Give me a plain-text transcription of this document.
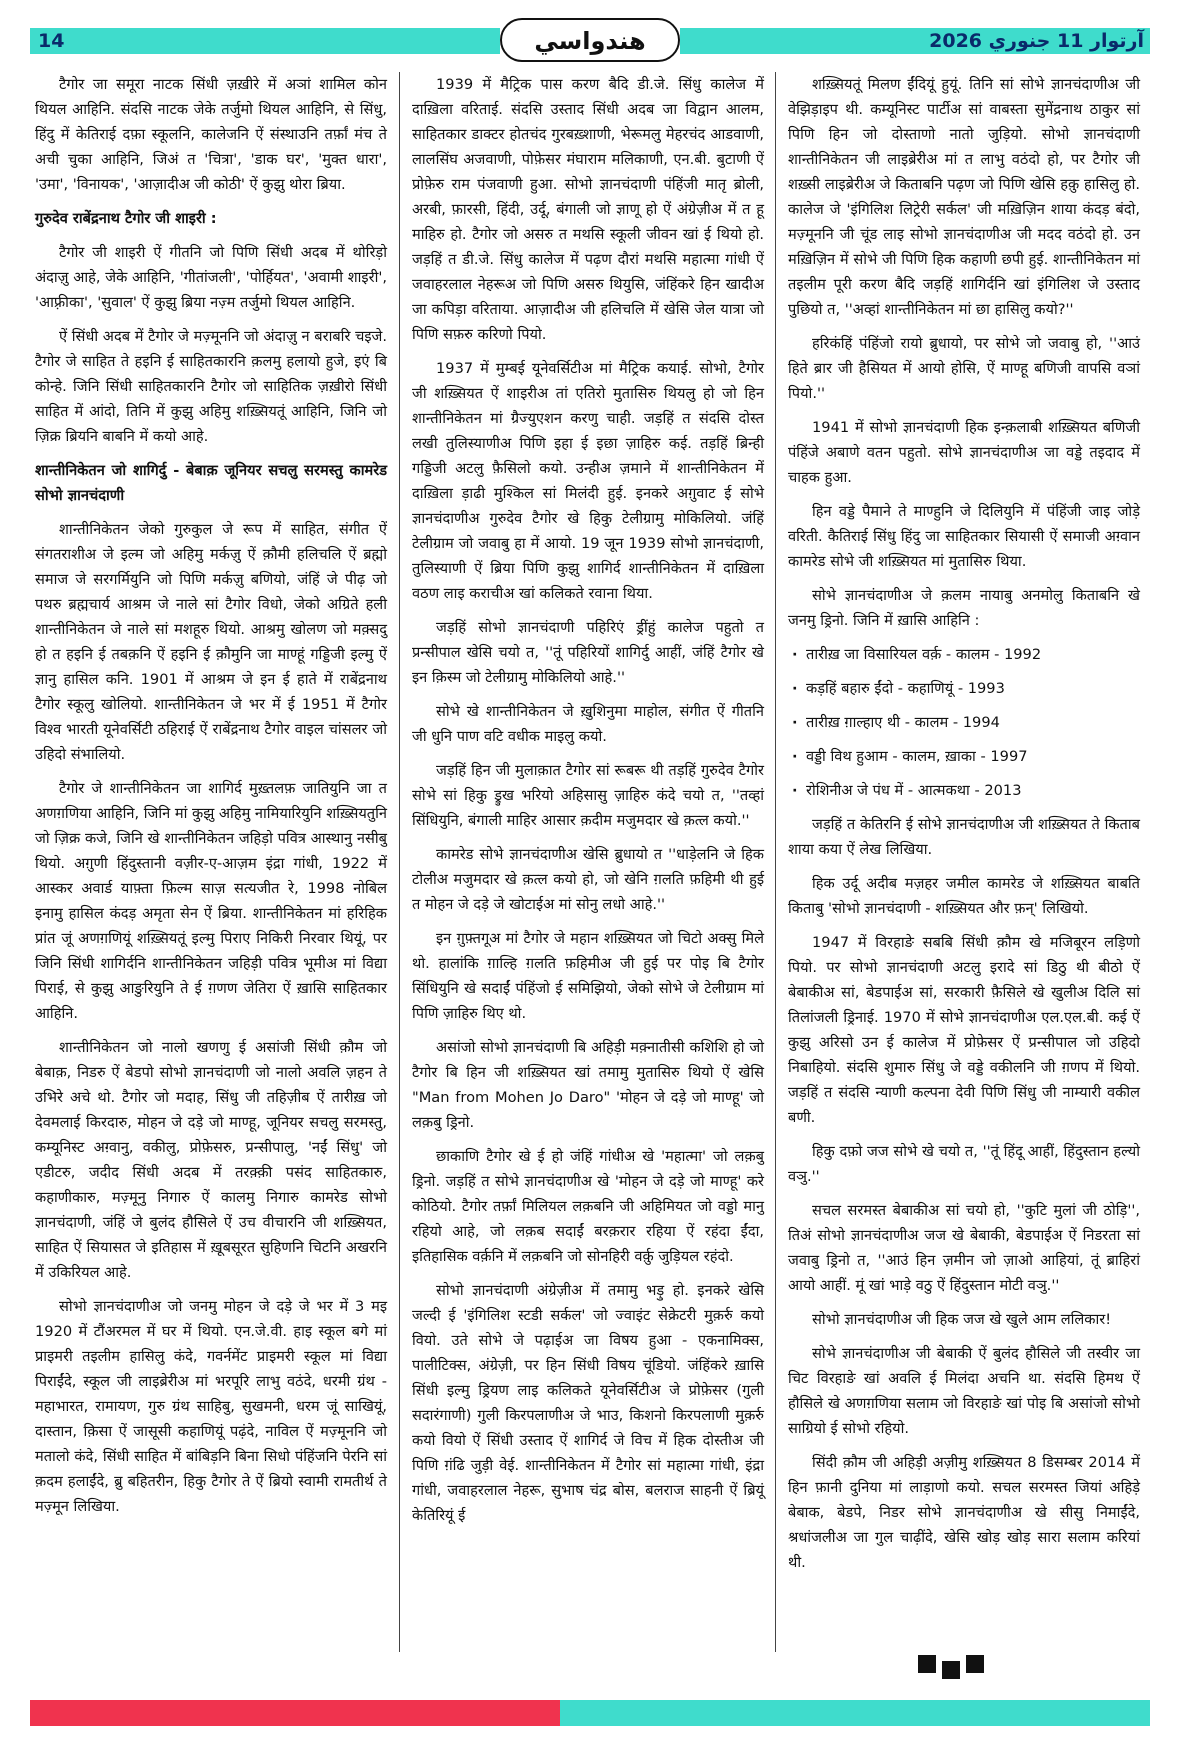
14	هندواسي	آرتوار 11 جنوري 2026

टैगोर जा समूरा नाटक सिंधी ज़ख़ीरे में अञां शामिल कोन थियल आहिनि. संदसि नाटक जेके तर्जुमो थियल आहिनि, से सिंधु, हिंदु में केतिराई दफ़ा स्कूलनि, कालेजनि ऐं संस्थाउनि तर्फ़ां मंच ते अची चुका आहिनि, जिअं त 'चित्रा', 'डाक घर', 'मुक्त धारा', 'उमा', 'विनायक', 'आज़ादीअ जी कोठी' ऐं कुझु थोरा ब्रिया.

गुरुदेव राबेंद्रनाथ टैगोर जी शाइरी :

टैगोर जी शाइरी ऐं गीतनि जो पिणि सिंधी अदब में थोरिड़ो अंदाज़ु आहे, जेके आहिनि, 'गीतांजली', 'पोर्हियत', 'अवामी शाइरी', 'आफ़्रीका', 'सुवाल' ऐं कुझु ब्रिया नज़्म तर्जुमो थियल आहिनि.

ऐं सिंधी अदब में टैगोर जे मज़्मूननि जो अंदाज़ु न बराबरि चइजे. टैगोर जे साहित ते हइनि ई साहितकारनि क़लमु हलायो हुजे, इएं बि कोन्हे. जिनि सिंधी साहितकारनि टैगोर जो साहितिक ज़ख़ीरो सिंधी साहित में आंदो, तिनि में कुझु अहिमु शख़्सियतूं आहिनि, जिनि जो ज़िक्र ब्रियनि बाबनि में कयो आहे.

शान्तीनिकेतन जो शागिर्दु - बेबाक़ जूनियर सचलु सरमस्तु कामरेड सोभो ज्ञानचंदाणी

शान्तीनिकेतन जेको गुरुकुल जे रूप में साहित, संगीत ऐं संगतराशीअ जे इल्म जो अहिमु मर्कज़ु ऐं क़ौमी हलिचलि ऐं ब्रह्मो समाज जे सरगर्मियुनि जो पिणि मर्कज़ु बणियो, जंहिं जे पीढ़ जो पथरु ब्रह्मचार्य आश्रम जे नाले सां टैगोर विधो, जेको अग्रिते हली शान्तीनिकेतन जे नाले सां मशहूरु थियो. आश्रमु खोलण जो मक़्सदु हो त हइनि ई तबक़नि ऐं हइनि ई क़ौमुनि जा माण्हूं गड्डिजी इल्मु ऐं ज्ञानु हासिल कनि. 1901 में आश्रम जे इन ई हाते में राबेंद्रनाथ टैगोर स्कूलु खोलियो. शान्तीनिकेतन जे भर में ई 1951 में टैगोर विश्व भारती यूनेवर्सिटी ठहिराई ऐं राबेंद्रनाथ टैगोर वाइल चांसलर जो उहिदो संभालियो.

टैगोर जे शान्तीनिकेतन जा शागिर्द मुख़्तलफ़ जातियुनि जा त अणग़णिया आहिनि, जिनि मां कुझु अहिमु नामियारियुनि शख़्सियतुनि जो ज़िक्र कजे, जिनि खे शान्तीनिकेतन जहिड़ो पवित्र आस्थानु नसीबु थियो. अग़ुणी हिंदुस्तानी वज़ीर-ए-आज़म इंद्रा गांधी, 1922 में आस्कर अवार्ड याफ़्ता फ़िल्म साज़ सत्यजीत रे, 1998 नोबिल इनामु हासिल कंदड़ अमृता सेन ऐं ब्रिया. शान्तीनिकेतन मां हरिहिक प्रांत जूं अणग़णियूं शख़्सियतूं इल्मु पिराए निकिरी निरवार थियूं, पर जिनि सिंधी शागिर्दनि शान्तीनिकेतन जहिड़ी पवित्र भूमीअ मां विद्या पिराई, से कुझु आङुरियुनि ते ई ग़णण जेतिरा ऐं ख़ासि साहितकार आहिनि.

शान्तीनिकेतन जो नालो खणणु ई असांजी सिंधी क़ौम जो बेबाक़, निडरु ऐं बेडपो सोभो ज्ञानचंदाणी जो नालो अवलि ज़हन ते उभिरे अचे थो. टैगोर जो मदाह, सिंधु जी तहिज़ीब ऐं तारीख़ जो देवमलाई किरदारु, मोहन जे दड़े जो माण्हू, जूनियर सचलु सरमस्तु, कम्यूनिस्ट अग़्वानु, वकीलु, प्रोफ़ेसरु, प्रन्सीपालु, 'नईं सिंधु' जो एडीटरु, जदीद सिंधी अदब में तरक़्क़ी पसंद साहितकारु, कहाणीकारु, मज़्मूनु निगारु ऐं कालमु निगारु कामरेड सोभो ज्ञानचंदाणी, जंहिं जे बुलंद हौसिले ऐं उच वीचारनि जी शख़्सियत, साहित ऐं सियासत जे इतिहास में ख़ूबसूरत सुहिणनि चिटनि अखरनि में उकिरियल आहे.

सोभो ज्ञानचंदाणीअ जो जनमु मोहन जे दड़े जे भर में 3 मइ 1920 में टौंअरमल में घर में थियो. एन.जे.वी. हाइ स्कूल बगे मां प्राइमरी तइलीम हासिलु कंदे, गवर्नमेंट प्राइमरी स्कूल मां विद्या पिराईंदे, स्कूल जी लाइब्रेरीअ मां भरपूरि लाभु वठंदे, धरमी ग्रंथ - महाभारत, रामायण, गुरु ग्रंथ साहिबु, सुखमनी, धरम जूं साखियूं, दास्तान, क़िसा ऐं जासूसी कहाणियूं पढ़ंदे, नाविल ऐं मज़्मूननि जो मतालो कंदे, सिंधी साहित में बांबिड़नि बिना सिधो पंहिंजनि पेरनि सां क़दम हलाईंदे, ब्रु बहितरीन, हिकु टैगोर ते ऐं ब्रियो स्वामी रामतीर्थ ते मज़्मून लिखिया.

1939 में मैट्रिक पास करण बैदि डी.जे. सिंधु कालेज में दाख़िला वरिताई. संदसि उस्ताद सिंधी अदब जा विद्वान आलम, साहितकार डाक्टर होतचंद गुरबख़्शाणी, भेरूमलु मेहरचंद आडवाणी, लालसिंघ अजवाणी, पोफ़ेसर मंघाराम मलिकाणी, एन.बी. बुटाणी ऐं प्रोफ़ेरु राम पंजवाणी हुआ. सोभो ज्ञानचंदाणी पंहिंजी मातृ ब्रोली, अरबी, फ़ारसी, हिंदी, उर्दू, बंगाली जो ज्ञाणू हो ऐं अंग्रेज़ीअ में त हू माहिरु हो. टैगोर जो असरु त मथसि स्कूली जीवन खां ई थियो हो. जड़हिं त डी.जे. सिंधु कालेज में पढ़ण दौरां मथसि महात्मा गांधी ऐं जवाहरलाल नेहरूअ जो पिणि असरु थियुसि, जंहिंकरे हिन खादीअ जा कपिड़ा वरिताया. आज़ादीअ जी हलिचलि में खेसि जेल यात्रा जो पिणि सफ़रु करिणो पियो.

1937 में मुम्बई यूनेवर्सिटीअ मां मैट्रिक कयाई. सोभो, टैगोर जी शख़्सियत ऐं शाइरीअ तां एतिरो मुतासिरु थियलु हो जो हिन शान्तीनिकेतन मां ग्रैज्युएशन करणु चाही. जड़हिं त संदसि दोस्त लखी तुलिस्याणीअ पिणि इहा ई इछा ज़ाहिरु कई. तड़हिं ब्रिन्ही गड्डिजी अटलु फ़ैसिलो कयो. उन्हीअ ज़माने में शान्तीनिकेतन में दाख़िला ड़ाढी मुश्किल सां मिलंदी हुई. इनकरे अग़ुवाट ई सोभे ज्ञानचंदाणीअ गुरुदेव टैगोर खे हिकु टेलीग्रामु मोकिलियो. जंहिं टेलीग्राम जो जवाबु हा में आयो. 19 जून 1939 सोभो ज्ञानचंदाणी, तुलिस्याणी ऐं ब्रिया पिणि कुझु शागिर्द शान्तीनिकेतन में दाख़िला वठण लाइ कराचीअ खां कलिकते रवाना थिया.

जड़हिं सोभो ज्ञानचंदाणी पहिरिएं ड्रींहुं कालेज पहुतो त प्रन्सीपाल खेसि चयो त, ''तूं पहिरियों शागिर्दु आहीं, जंहिं टैगोर खे इन क़िस्म जो टेलीग्रामु मोकिलियो आहे.''

सोभे खे शान्तीनिकेतन जे ख़ुशिनुमा माहोल, संगीत ऐं गीतनि जी धुनि पाण वटि वधीक माइलु कयो.

जड़हिं हिन जी मुलाक़ात टैगोर सां रूबरू थी तड़हिं गुरुदेव टैगोर सोभे सां हिकु ड्रुख भरियो अहिसासु ज़ाहिरु कंदे चयो त, ''तव्हां सिंधियुनि, बंगाली माहिर आसार क़दीम मजुमदार खे क़त्ल कयो.''

कामरेड सोभे ज्ञानचंदाणीअ खेसि ब्रुधायो त ''धाड़ेलनि जे हिक टोलीअ मजुमदार खे क़त्ल कयो हो, जो खेनि ग़लति फ़हिमी थी हुई त मोहन जे दड़े जे खोटाईअ मां सोनु लधो आहे.''

इन ग़ुफ़्तगूअ मां टैगोर जे महान शख़्सियत जो चिटो अक्सु मिले थो. हालांकि ग़ाल्हि ग़लति फ़हिमीअ जी हुई पर पोइ बि टैगोर सिंधियुनि खे सदाईं पंहिंजो ई समिझियो, जेको सोभे जे टेलीग्राम मां पिणि ज़ाहिरु थिए थो.

असांजो सोभो ज्ञानचंदाणी बि अहिड़ी मक़्नातीसी कशिशि हो जो टैगोर बि हिन जी शख़्सियत खां तमामु मुतासिरु थियो ऐं खेसि "Man from Mohen Jo Daro" 'मोहन जे दड़े जो माण्हू' जो लक़बु ड्रिनो.

छाकाणि टैगोर खे ई हो जंहिं गांधीअ खे 'महात्मा' जो लक़बु ड्रिनो. जड़हिं त सोभे ज्ञानचंदाणीअ खे 'मोहन जे दड़े जो माण्हू' करे कोठियो. टैगोर तर्फ़ां मिलियल लक़बनि जी अहिमियत जो वड्डो मानु रहियो आहे, जो लक़ब सदाईं बरक़रार रहिया ऐं रहंदा ईंदा, इतिहासिक वर्क़नि में लक़बनि जो सोनहिरी वर्क़ु जुड़ियल रहंदो.

सोभो ज्ञानचंदाणी अंग्रेज़ीअ में तमामु भड़ु हो. इनकरे खेसि जल्दी ई 'इंगिलिश स्टडी सर्कल' जो ज्वाइंट सेक्रेटरी मुक़र्रु कयो वियो. उते सोभे जे पढ़ाईअ जा विषय हुआ - एकनामिक्स, पालीटिक्स, अंग्रेज़ी, पर हिन सिंधी विषय चूंडियो. जंहिंकरे ख़ासि सिंधी इल्मु ड्रियण लाइ कलिकते यूनेवर्सिटीअ जे प्रोफ़ेसर (गुली सदारंगाणी) गुली किरपलाणीअ जे भाउ, किशनो किरपलाणी मुक़र्रु कयो वियो ऐं सिंधी उस्ताद ऐं शागिर्द जे विच में हिक दोस्तीअ जी पिणि ग़ंढि जुड़ी वेई. शान्तीनिकेतन में टैगोर सां महात्मा गांधी, इंद्रा गांधी, जवाहरलाल नेहरू, सुभाष चंद्र बोस, बलराज साहनी ऐं ब्रियूं केतिरियूं ई

शख़्सियतूं मिलण ईंदियूं हुयूं. तिनि सां सोभे ज्ञानचंदाणीअ जी वेझिड़ाइप थी. कम्यूनिस्ट पार्टीअ सां वाबस्ता सुमेंद्रनाथ ठाकुर सां पिणि हिन जो दोस्ताणो नातो जुड़ियो. सोभो ज्ञानचंदाणी शान्तीनिकेतन जी लाइब्रेरीअ मां त लाभु वठंदो हो, पर टैगोर जी शख़्सी लाइब्रेरीअ जे किताबनि पढ़ण जो पिणि खेसि हक़ु हासिलु हो. कालेज जे 'इंगिलिश लिट्रेरी सर्कल' जी मख़िज़िन शाया कंदड़ बंदो, मज़्मूननि जी चूंड लाइ सोभो ज्ञानचंदाणीअ जी मदद वठंदो हो. उन मख़िज़िन में सोभे जी पिणि हिक कहाणी छपी हुई. शान्तीनिकेतन मां तइलीम पूरी करण बैदि जड़हिं शागिर्दनि खां इंगिलिश जे उस्ताद पुछियो त, ''अव्हां शान्तीनिकेतन मां छा हासिलु कयो?''

हरिकंहिं पंहिंजो रायो ब्रुधायो, पर सोभे जो जवाबु हो, ''आउं हिते ब्रार जी हैसियत में आयो होसि, ऐं माण्हू बणिजी वापसि वञां पियो.''

1941 में सोभो ज्ञानचंदाणी हिक इन्क़लाबी शख़्सियत बणिजी पंहिंजे अबाणे वतन पहुतो. सोभे ज्ञानचंदाणीअ जा वड्डे तइदाद में चाहक हुआ.

हिन वड्डे पैमाने ते माण्हुनि जे दिलियुनि में पंहिंजी जाइ जोड़े वरिती. कैतिराई सिंधु हिंदु जा साहितकार सियासी ऐं समाजी अग़्वान कामरेड सोभे जी शख़्सियत मां मुतासिरु थिया.

सोभे ज्ञानचंदाणीअ जे क़लम नायाबु अनमोलु किताबनि खे जनमु ड्रिनो. जिनि में ख़ासि आहिनि :

· तारीख़ जा विसारियल वर्क़ - कालम - 1992
· कड़हिं बहारु ईंदो - कहाणियूं - 1993
· तारीख़ ग़ाल्हाए थी - कालम - 1994
· वड्डी विथ हुआम - कालम, ख़ाका - 1997
· रोशिनीअ जे पंध में - आत्मकथा - 2013

जड़हिं त केतिरनि ई सोभे ज्ञानचंदाणीअ जी शख़्सियत ते किताब शाया कया ऐं लेख लिखिया.

हिक उर्दू अदीब मज़हर जमील कामरेड जे शख़्सियत बाबति किताबु 'सोभो ज्ञानचंदाणी - शख़्सियत और फ़न्' लिखियो.

1947 में विरहाङे सबबि सिंधी क़ौम खे मजिबूरन लड़िणो पियो. पर सोभो ज्ञानचंदाणी अटलु इरादे सां डिठु थी बीठो ऐं बेबाकीअ सां, बेडपाईअ सां, सरकारी फ़ैसिले खे खुलीअ दिलि सां तिलांजली ड्रिनाई. 1970 में सोभे ज्ञानचंदाणीअ एल.एल.बी. कई ऐं कुझु अरिसो उन ई कालेज में प्रोफ़ेसर ऐं प्रन्सीपाल जो उहिदो निबाहियो. संदसि शुमारु सिंधु जे वड्डे वकीलनि जी ग़णप में थियो. जड़हिं त संदसि न्याणी कल्पना देवी पिणि सिंधु जी नाम्यारी वकील बणी.

हिकु दफ़ो जज सोभे खे चयो त, ''तूं हिंदू आहीं, हिंदुस्तान हल्यो वञु.''

सचल सरमस्त बेबाकीअ सां चयो हो, ''कुटि मुलां जी ठोड़ि'', तिअं सोभो ज्ञानचंदाणीअ जज खे बेबाकी, बेडपाईअ ऐं निडरता सां जवाबु ड्रिनो त, ''आउं हिन ज़मीन जो ज़ाओ आहियां, तूं ब्राहिरां आयो आहीं. मूं खां भाड़े वठु ऐं हिंदुस्तान मोटी वञु.''

सोभो ज्ञानचंदाणीअ जी हिक जज खे खुले आम ललिकार!

सोभे ज्ञानचंदाणीअ जी बेबाकी ऐं बुलंद हौसिले जी तस्वीर जा चिट विरहाङे खां अवलि ई मिलंदा अचनि था. संदसि हिमथ ऐं हौसिले खे अणग़णिया सलाम जो विरहाङे खां पोइ बि असांजो सोभो साग्रियो ई सोभो रहियो.

सिंदी क़ौम जी अहिड़ी अज़ीमु शख़्सियत 8 डिसम्बर 2014 में हिन फ़ानी दुनिया मां लाड़ाणो कयो. सचल सरमस्त जियां अहिड़े बेबाक, बेडपे, निडर सोभे ज्ञानचंदाणीअ खे सीसु निमाईंदे, श्रधांजलीअ जा गुल चाढ़ींदे, खेसि खोड़ खोड़ सारा सलाम करियां थी.
